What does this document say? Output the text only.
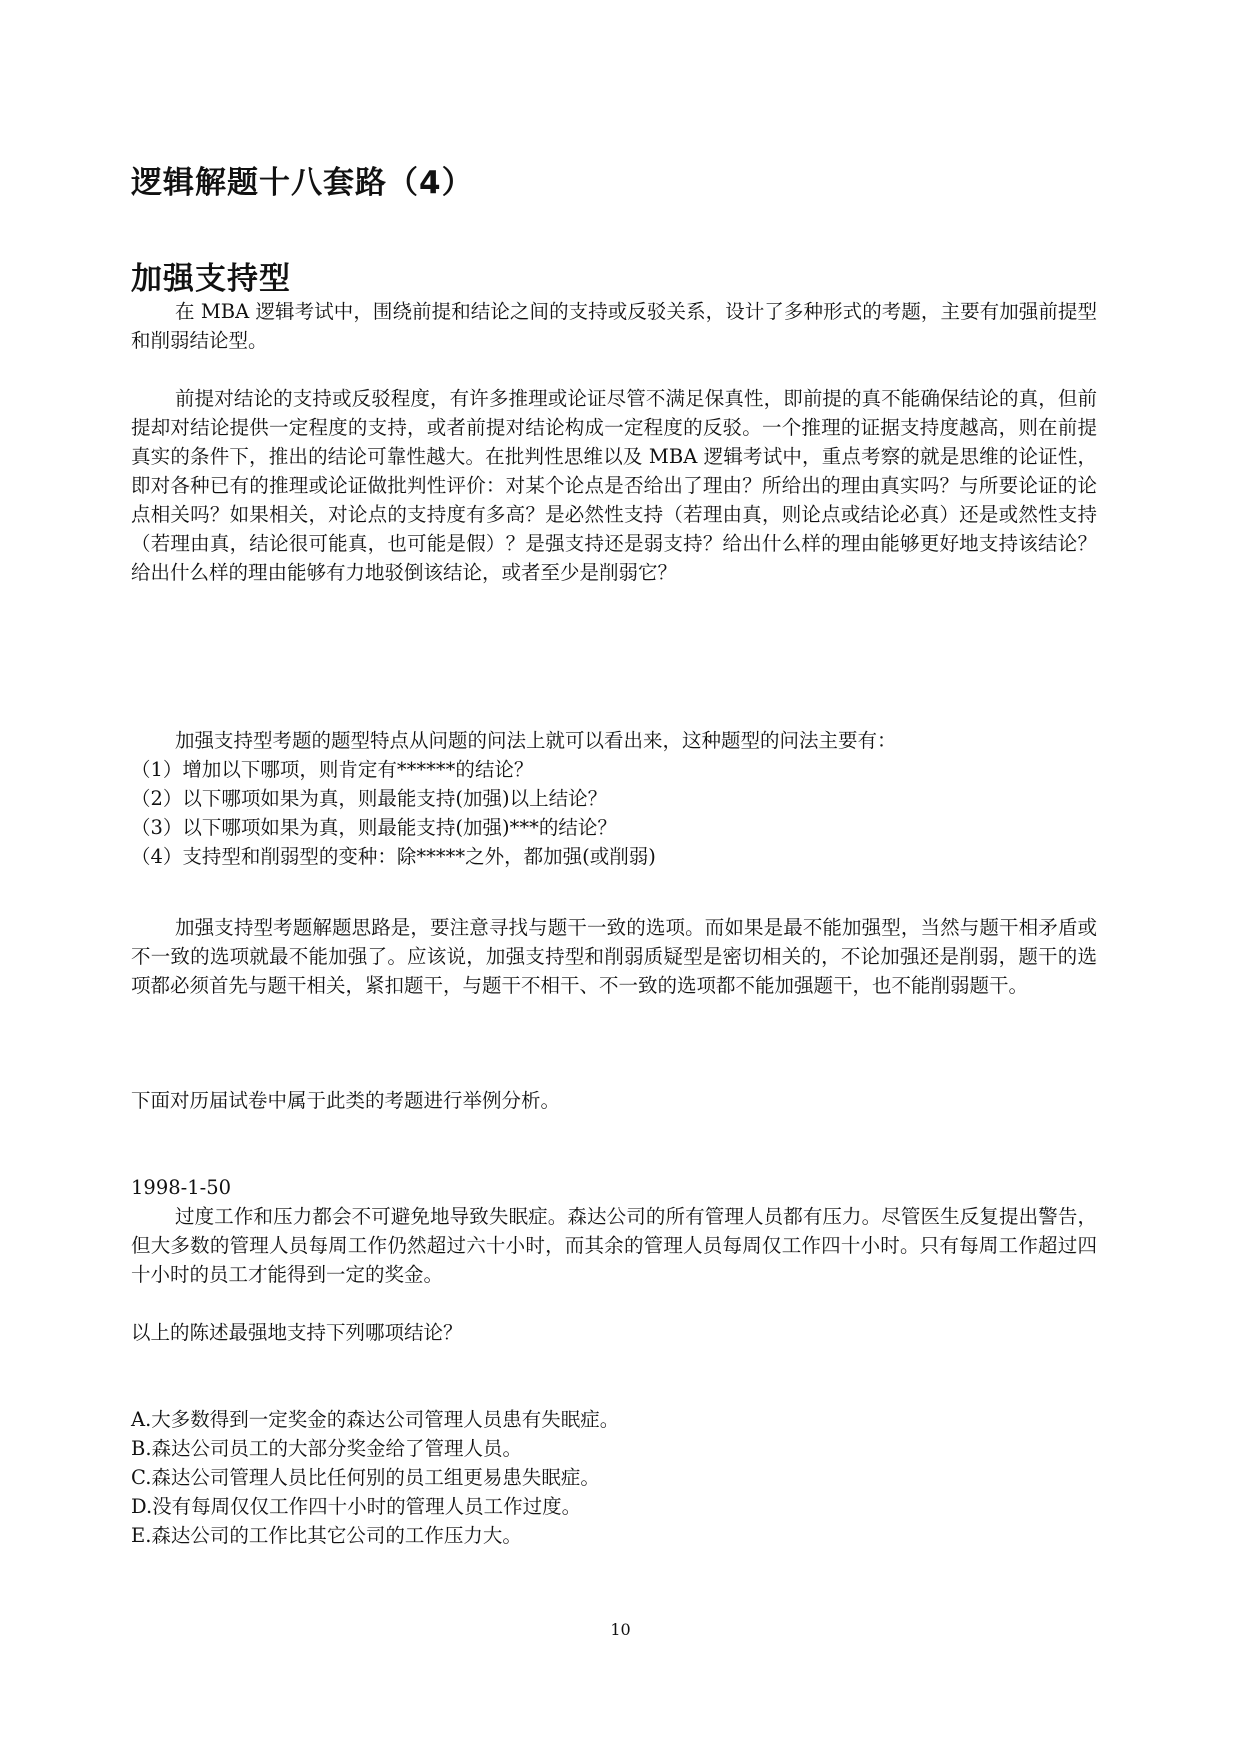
逻辑解题十八套路（4）
加强支持型

在 MBA 逻辑考试中，围绕前提和结论之间的支持或反驳关系，设计了多种形式的考题，主要有加强前提型和削弱结论型。

前提对结论的支持或反驳程度，有许多推理或论证尽管不满足保真性，即前提的真不能确保结论的真，但前提却对结论提供一定程度的支持，或者前提对结论构成一定程度的反驳。一个推理的证据支持度越高，则在前提真实的条件下，推出的结论可靠性越大。在批判性思维以及 MBA 逻辑考试中，重点考察的就是思维的论证性，即对各种已有的推理或论证做批判性评价：对某个论点是否给出了理由？所给出的理由真实吗？与所要论证的论点相关吗？如果相关，对论点的支持度有多高？是必然性支持（若理由真，则论点或结论必真）还是或然性支持（若理由真，结论很可能真，也可能是假）？是强支持还是弱支持？给出什么样的理由能够更好地支持该结论？给出什么样的理由能够有力地驳倒该结论，或者至少是削弱它？

加强支持型考题的题型特点从问题的问法上就可以看出来，这种题型的问法主要有：
（1）增加以下哪项，则肯定有******的结论？
（2）以下哪项如果为真，则最能支持(加强)以上结论？
（3）以下哪项如果为真，则最能支持(加强)***的结论？
（4）支持型和削弱型的变种：除*****之外，都加强(或削弱)

加强支持型考题解题思路是，要注意寻找与题干一致的选项。而如果是最不能加强型，当然与题干相矛盾或不一致的选项就最不能加强了。应该说，加强支持型和削弱质疑型是密切相关的，不论加强还是削弱，题干的选项都必须首先与题干相关，紧扣题干，与题干不相干、不一致的选项都不能加强题干，也不能削弱题干。

下面对历届试卷中属于此类的考题进行举例分析。
1998-1-50

过度工作和压力都会不可避免地导致失眠症。森达公司的所有管理人员都有压力。尽管医生反复提出警告，但大多数的管理人员每周工作仍然超过六十小时，而其余的管理人员每周仅工作四十小时。只有每周工作超过四十小时的员工才能得到一定的奖金。

以上的陈述最强地支持下列哪项结论？
A.大多数得到一定奖金的森达公司管理人员患有失眠症。
B.森达公司员工的大部分奖金给了管理人员。
C.森达公司管理人员比任何别的员工组更易患失眠症。
D.没有每周仅仅工作四十小时的管理人员工作过度。
E.森达公司的工作比其它公司的工作压力大。
10
